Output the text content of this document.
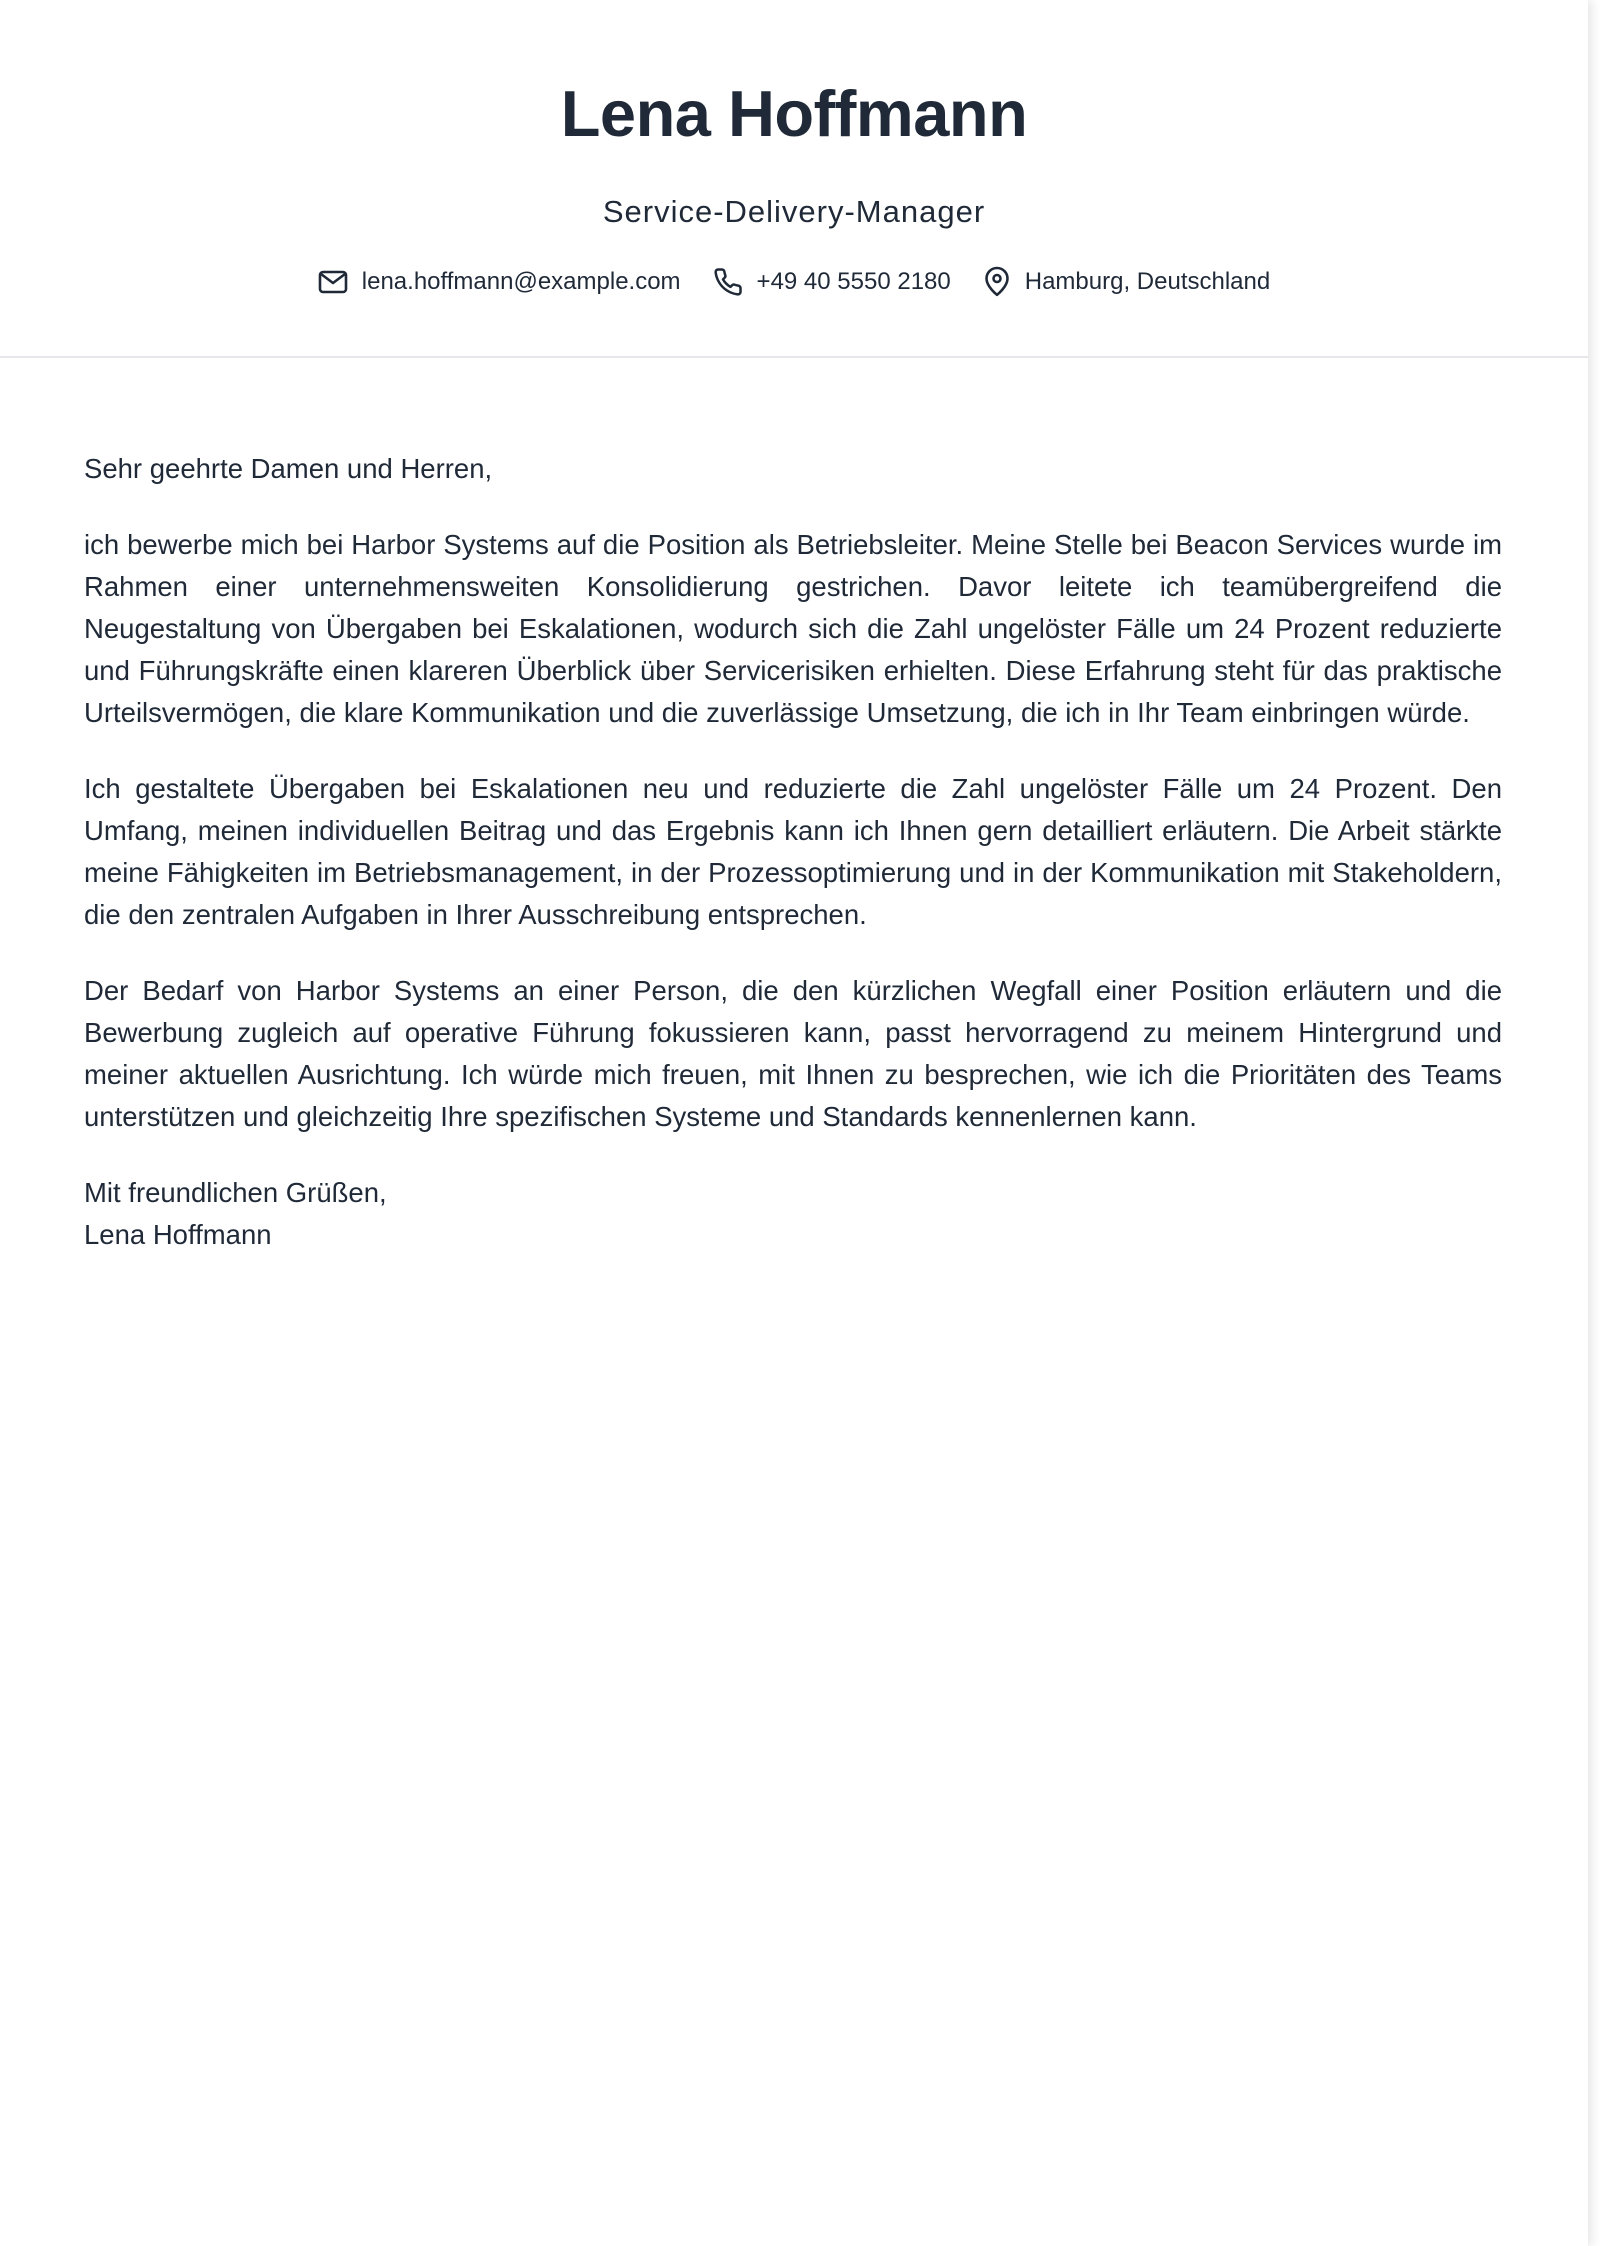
Lena Hoffmann
Service-Delivery-Manager
lena.hoffmann@example.com	+49 40 5550 2180	Hamburg, Deutschland

Sehr geehrte Damen und Herren,

ich bewerbe mich bei Harbor Systems auf die Position als Betriebsleiter. Meine Stelle bei Beacon Services wurde im Rahmen einer unternehmensweiten Konsolidierung gestrichen. Davor leitete ich teamübergreifend die Neugestaltung von Übergaben bei Eskalationen, wodurch sich die Zahl ungelöster Fälle um 24 Prozent reduzierte und Führungskräfte einen klareren Überblick über Servicerisiken erhielten. Diese Erfahrung steht für das praktische Urteilsvermögen, die klare Kommunikation und die zuverlässige Umsetzung, die ich in Ihr Team einbringen würde.

Ich gestaltete Übergaben bei Eskalationen neu und reduzierte die Zahl ungelöster Fälle um 24 Prozent. Den Umfang, meinen individuellen Beitrag und das Ergebnis kann ich Ihnen gern detailliert erläutern. Die Arbeit stärkte meine Fähigkeiten im Betriebsmanagement, in der Prozessoptimierung und in der Kommunikation mit Stakeholdern, die den zentralen Aufgaben in Ihrer Ausschreibung entsprechen.

Der Bedarf von Harbor Systems an einer Person, die den kürzlichen Wegfall einer Position erläutern und die Bewerbung zugleich auf operative Führung fokussieren kann, passt hervorragend zu meinem Hintergrund und meiner aktuellen Ausrichtung. Ich würde mich freuen, mit Ihnen zu besprechen, wie ich die Prioritäten des Teams unterstützen und gleichzeitig Ihre spezifischen Systeme und Standards kennenlernen kann.

Mit freundlichen Grüßen,
Lena Hoffmann
